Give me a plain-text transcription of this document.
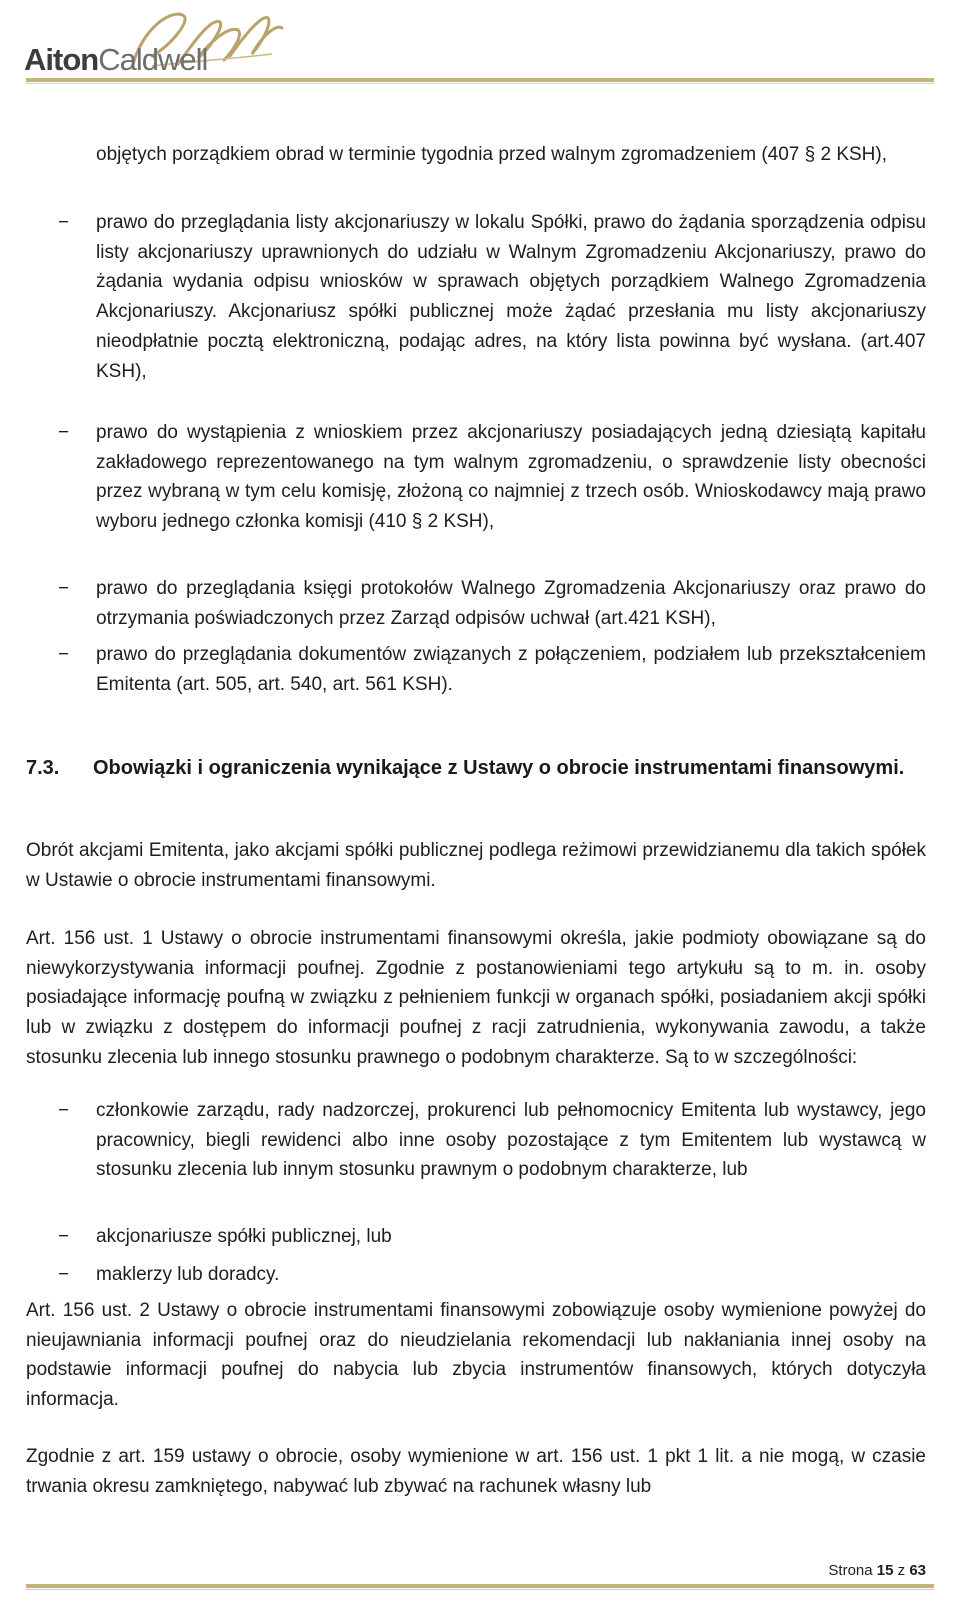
AitonCaldwell

objętych porządkiem obrad w terminie tygodnia przed walnym zgromadzeniem (407 § 2 KSH),

− prawo do przeglądania listy akcjonariuszy w lokalu Spółki, prawo do żądania sporządzenia odpisu listy akcjonariuszy uprawnionych do udziału w Walnym Zgromadzeniu Akcjonariuszy, prawo do żądania wydania odpisu wniosków w sprawach objętych porządkiem Walnego Zgromadzenia Akcjonariuszy. Akcjonariusz spółki publicznej może żądać przesłania mu listy akcjonariuszy nieodpłatnie pocztą elektroniczną, podając adres, na który lista powinna być wysłana. (art.407 KSH),

− prawo do wystąpienia z wnioskiem przez akcjonariuszy posiadających jedną dziesiątą kapitału zakładowego reprezentowanego na tym walnym zgromadzeniu, o sprawdzenie listy obecności przez wybraną w tym celu komisję, złożoną co najmniej z trzech osób. Wnioskodawcy mają prawo wyboru jednego członka komisji (410 § 2 KSH),

− prawo do przeglądania księgi protokołów Walnego Zgromadzenia Akcjonariuszy oraz prawo do otrzymania poświadczonych przez Zarząd odpisów uchwał (art.421 KSH),

− prawo do przeglądania dokumentów związanych z połączeniem, podziałem lub przekształceniem Emitenta (art. 505, art. 540, art. 561 KSH).

7.3. Obowiązki i ograniczenia wynikające z Ustawy o obrocie instrumentami finansowymi.

Obrót akcjami Emitenta, jako akcjami spółki publicznej podlega reżimowi przewidzianemu dla takich spółek w Ustawie o obrocie instrumentami finansowymi.

Art. 156 ust. 1 Ustawy o obrocie instrumentami finansowymi określa, jakie podmioty obowiązane są do niewykorzystywania informacji poufnej. Zgodnie z postanowieniami tego artykułu są to m. in. osoby posiadające informację poufną w związku z pełnieniem funkcji w organach spółki, posiadaniem akcji spółki lub w związku z dostępem do informacji poufnej z racji zatrudnienia, wykonywania zawodu, a także stosunku zlecenia lub innego stosunku prawnego o podobnym charakterze. Są to w szczególności:

− członkowie zarządu, rady nadzorczej, prokurenci lub pełnomocnicy Emitenta lub wystawcy, jego pracownicy, biegli rewidenci albo inne osoby pozostające z tym Emitentem lub wystawcą w stosunku zlecenia lub innym stosunku prawnym o podobnym charakterze, lub

− akcjonariusze spółki publicznej, lub

− maklerzy lub doradcy.

Art. 156 ust. 2 Ustawy o obrocie instrumentami finansowymi zobowiązuje osoby wymienione powyżej do nieujawniania informacji poufnej oraz do nieudzielania rekomendacji lub nakłaniania innej osoby na podstawie informacji poufnej do nabycia lub zbycia instrumentów finansowych, których dotyczyła informacja.

Zgodnie z art. 159 ustawy o obrocie, osoby wymienione w art. 156 ust. 1 pkt 1 lit. a nie mogą, w czasie trwania okresu zamkniętego, nabywać lub zbywać na rachunek własny lub

Strona 15 z 63
